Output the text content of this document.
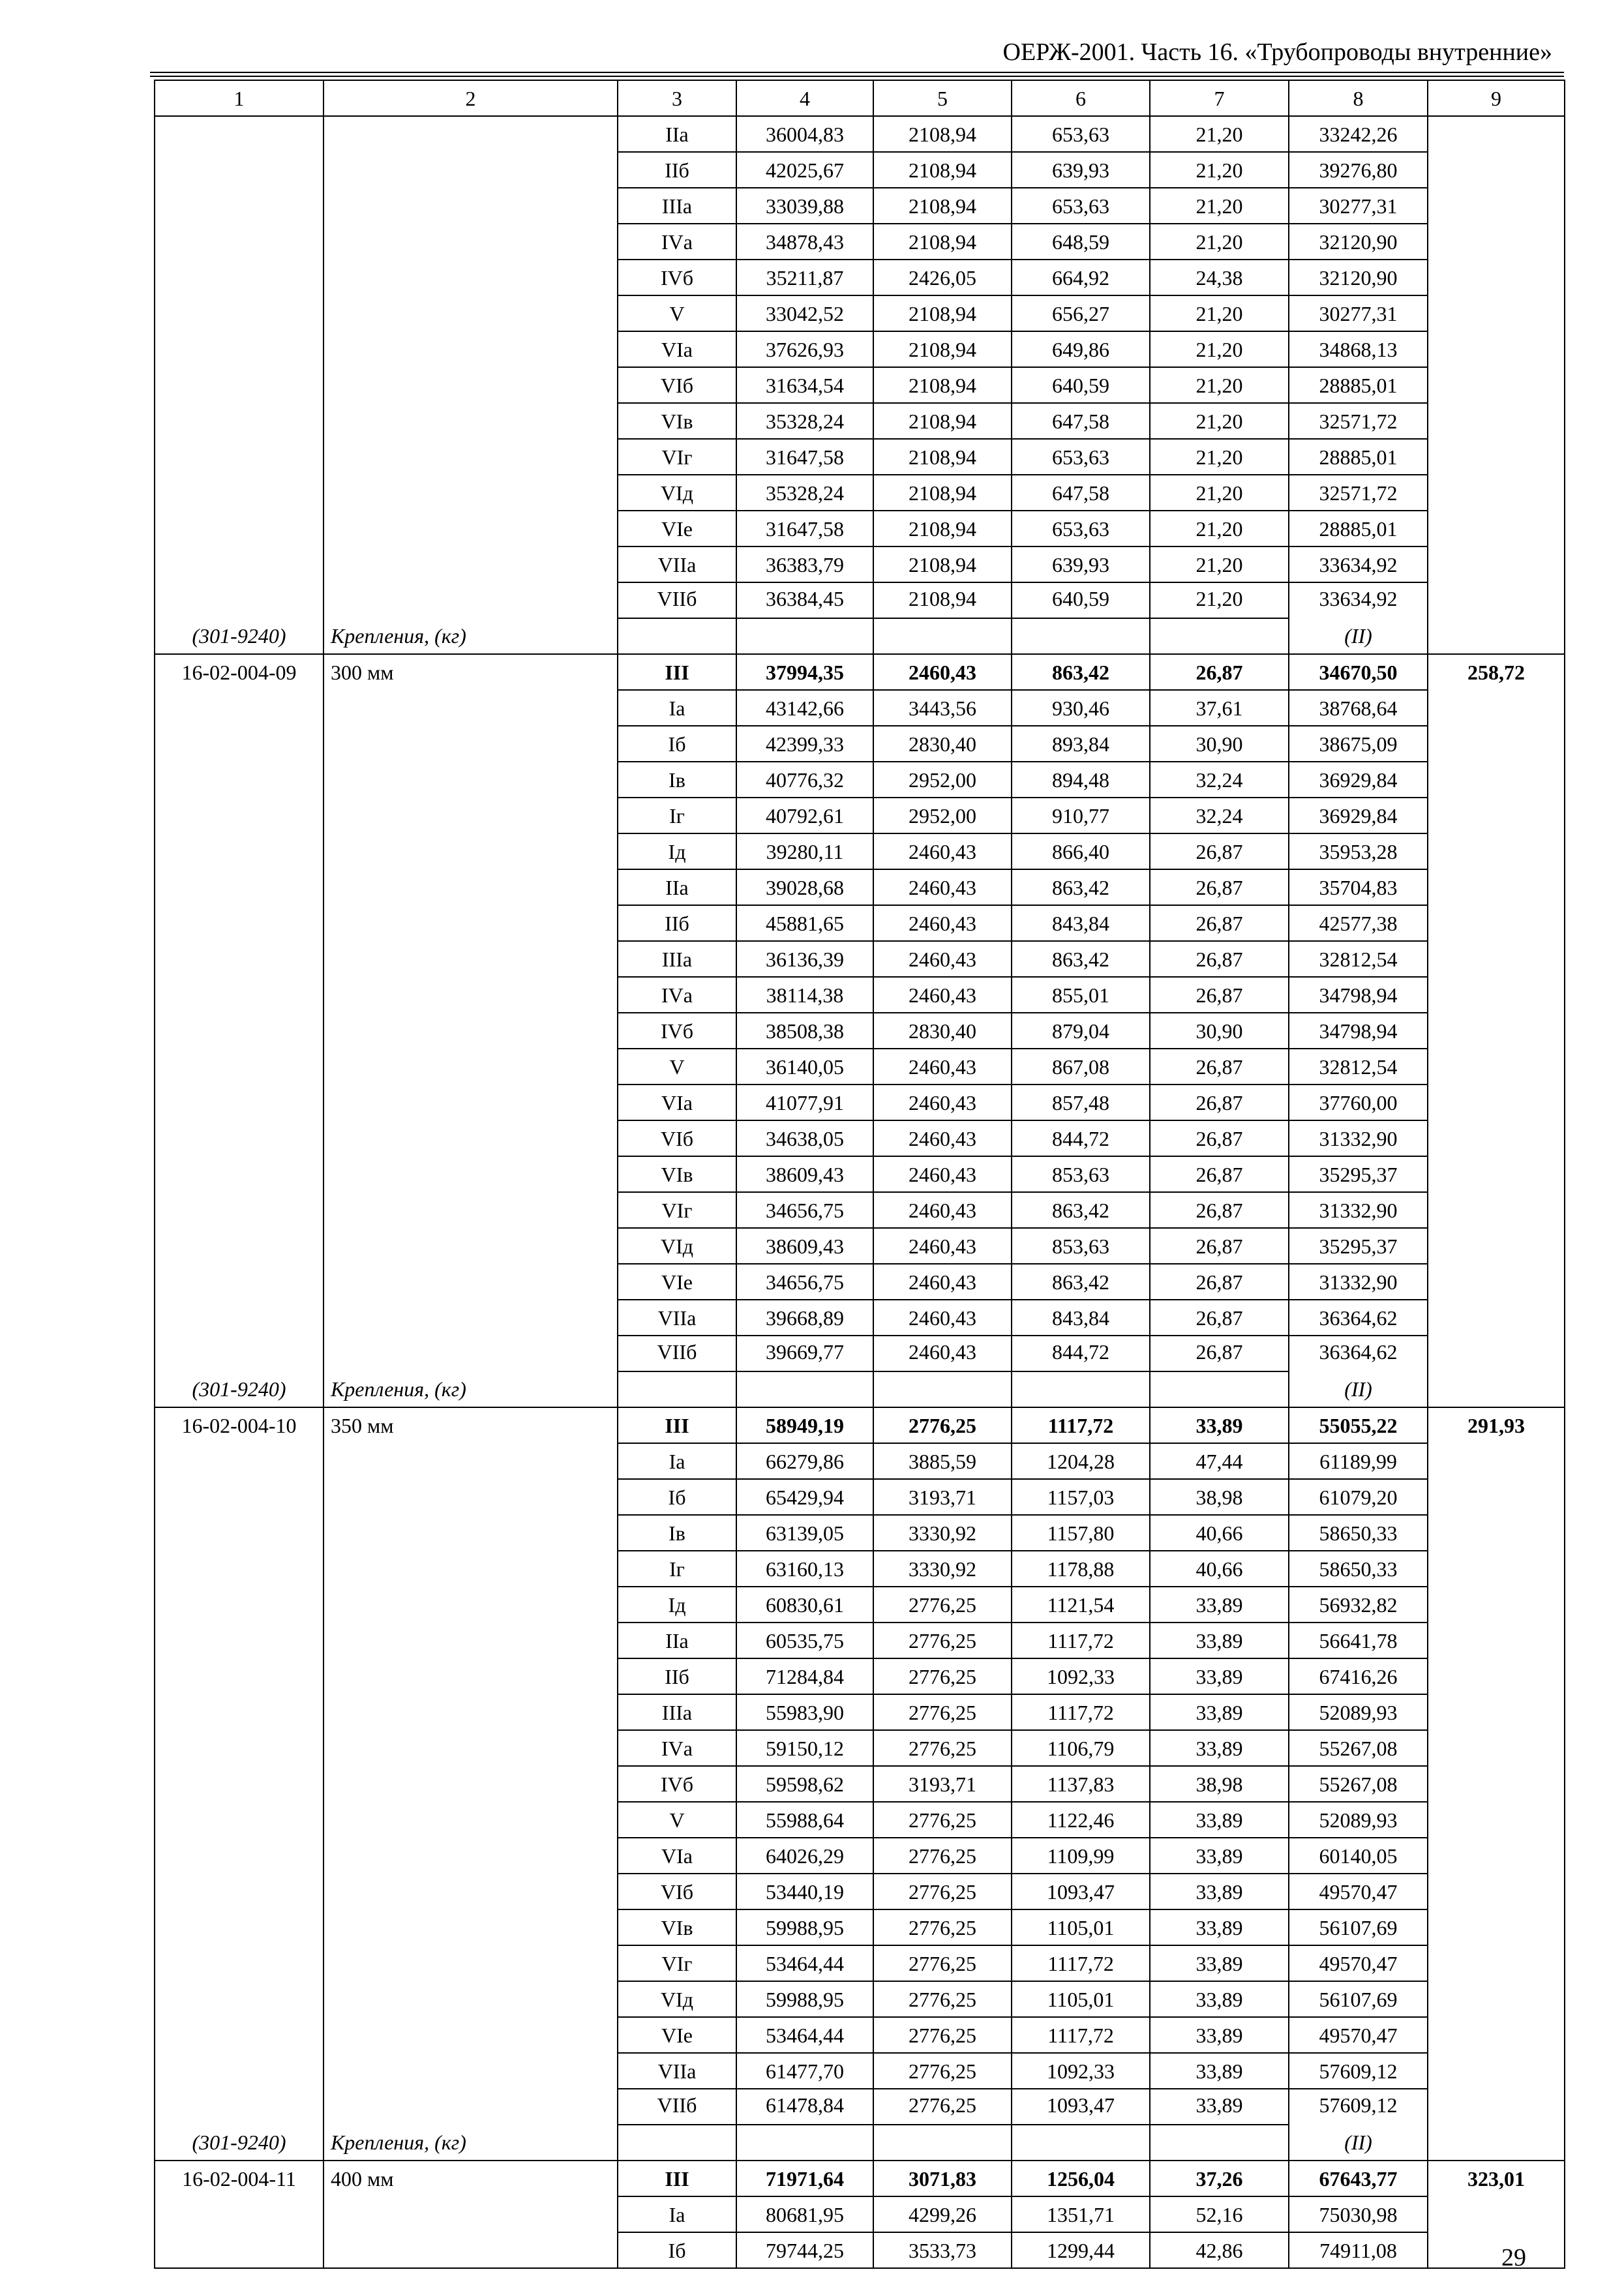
ОЕРЖ-2001. Часть 16. «Трубопроводы внутренние»
1	2	3	4	5	6	7	8	9
		IIа	36004,83	2108,94	653,63	21,20	33242,26	
		IIб	42025,67	2108,94	639,93	21,20	39276,80	
		IIIа	33039,88	2108,94	653,63	21,20	30277,31	
		IVа	34878,43	2108,94	648,59	21,20	32120,90	
		IVб	35211,87	2426,05	664,92	24,38	32120,90	
		V	33042,52	2108,94	656,27	21,20	30277,31	
		VIа	37626,93	2108,94	649,86	21,20	34868,13	
		VIб	31634,54	2108,94	640,59	21,20	28885,01	
		VIв	35328,24	2108,94	647,58	21,20	32571,72	
		VIг	31647,58	2108,94	653,63	21,20	28885,01	
		VIд	35328,24	2108,94	647,58	21,20	32571,72	
		VIе	31647,58	2108,94	653,63	21,20	28885,01	
		VIIа	36383,79	2108,94	639,93	21,20	33634,92	
		VIIб	36384,45	2108,94	640,59	21,20	33634,92	
(301-9240)	Крепления, (кг)						(II)	
16-02-004-09	300 мм	III	37994,35	2460,43	863,42	26,87	34670,50	258,72
		Iа	43142,66	3443,56	930,46	37,61	38768,64	
		Iб	42399,33	2830,40	893,84	30,90	38675,09	
		Iв	40776,32	2952,00	894,48	32,24	36929,84	
		Iг	40792,61	2952,00	910,77	32,24	36929,84	
		Iд	39280,11	2460,43	866,40	26,87	35953,28	
		IIа	39028,68	2460,43	863,42	26,87	35704,83	
		IIб	45881,65	2460,43	843,84	26,87	42577,38	
		IIIа	36136,39	2460,43	863,42	26,87	32812,54	
		IVа	38114,38	2460,43	855,01	26,87	34798,94	
		IVб	38508,38	2830,40	879,04	30,90	34798,94	
		V	36140,05	2460,43	867,08	26,87	32812,54	
		VIа	41077,91	2460,43	857,48	26,87	37760,00	
		VIб	34638,05	2460,43	844,72	26,87	31332,90	
		VIв	38609,43	2460,43	853,63	26,87	35295,37	
		VIг	34656,75	2460,43	863,42	26,87	31332,90	
		VIд	38609,43	2460,43	853,63	26,87	35295,37	
		VIе	34656,75	2460,43	863,42	26,87	31332,90	
		VIIа	39668,89	2460,43	843,84	26,87	36364,62	
		VIIб	39669,77	2460,43	844,72	26,87	36364,62	
(301-9240)	Крепления, (кг)						(II)	
16-02-004-10	350 мм	III	58949,19	2776,25	1117,72	33,89	55055,22	291,93
		Iа	66279,86	3885,59	1204,28	47,44	61189,99	
		Iб	65429,94	3193,71	1157,03	38,98	61079,20	
		Iв	63139,05	3330,92	1157,80	40,66	58650,33	
		Iг	63160,13	3330,92	1178,88	40,66	58650,33	
		Iд	60830,61	2776,25	1121,54	33,89	56932,82	
		IIа	60535,75	2776,25	1117,72	33,89	56641,78	
		IIб	71284,84	2776,25	1092,33	33,89	67416,26	
		IIIа	55983,90	2776,25	1117,72	33,89	52089,93	
		IVа	59150,12	2776,25	1106,79	33,89	55267,08	
		IVб	59598,62	3193,71	1137,83	38,98	55267,08	
		V	55988,64	2776,25	1122,46	33,89	52089,93	
		VIа	64026,29	2776,25	1109,99	33,89	60140,05	
		VIб	53440,19	2776,25	1093,47	33,89	49570,47	
		VIв	59988,95	2776,25	1105,01	33,89	56107,69	
		VIг	53464,44	2776,25	1117,72	33,89	49570,47	
		VIд	59988,95	2776,25	1105,01	33,89	56107,69	
		VIе	53464,44	2776,25	1117,72	33,89	49570,47	
		VIIа	61477,70	2776,25	1092,33	33,89	57609,12	
		VIIб	61478,84	2776,25	1093,47	33,89	57609,12	
(301-9240)	Крепления, (кг)						(II)	
16-02-004-11	400 мм	III	71971,64	3071,83	1256,04	37,26	67643,77	323,01
		Iа	80681,95	4299,26	1351,71	52,16	75030,98	
		Iб	79744,25	3533,73	1299,44	42,86	74911,08		29
